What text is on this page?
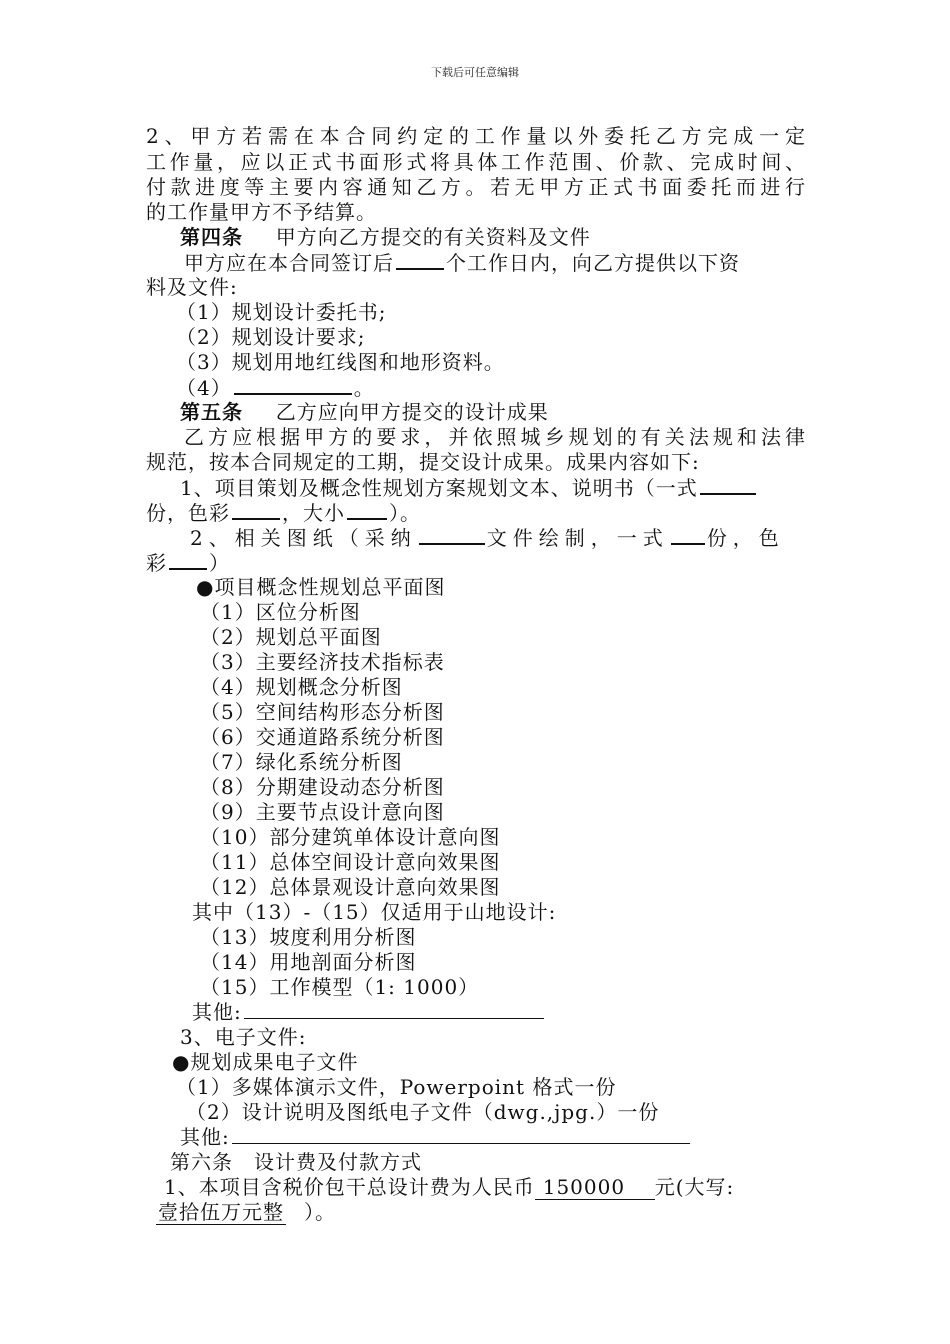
下载后可任意编辑
2、甲方若需在本合同约定的工作量以外委托乙方完成一定
工作量，应以正式书面形式将具体工作范围、价款、完成时间、
付款进度等主要内容通知乙方。若无甲方正式书面委托而进行
的工作量甲方不予结算。
第四条 甲方向乙方提交的有关资料及文件
甲方应在本合同签订后	个工作日内，向乙方提供以下资
料及文件:
（1）规划设计委托书;
（2）规划设计要求;
（3）规划用地红线图和地形资料。
（4）	。
第五条 乙方应向甲方提交的设计成果
乙方应根据甲方的要求，并依照城乡规划的有关法规和法律
规范，按本合同规定的工期，提交设计成果。成果内容如下:
1、项目策划及概念性规划方案规划文本、说明书（一式
份，色彩	，大小 ）。
2、相关图纸（采纳	文件绘制，一式 份，色
彩 ）
●项目概念性规划总平面图
（1）区位分析图
（2）规划总平面图
（3）主要经济技术指标表
（4）规划概念分析图
（5）空间结构形态分析图
（6）交通道路系统分析图
（7）绿化系统分析图
（8）分期建设动态分析图
（9）主要节点设计意向图
（10）部分建筑单体设计意向图
（11）总体空间设计意向效果图
（12）总体景观设计意向效果图
其中（13）-（15）仅适用于山地设计:
（13）坡度利用分析图
（14）用地剖面分析图
（15）工作模型（1: 1000）
其他:
3、电子文件:
●规划成果电子文件
（1）多媒体演示文件，Powerpoint 格式一份
（2）设计说明及图纸电子文件（dwg.,jpg.）一份
其他:
第六条　设计费及付款方式
1、本项目含税价包干总设计费为人民币 150000 元(大写:
壹拾伍万元整 ）。
